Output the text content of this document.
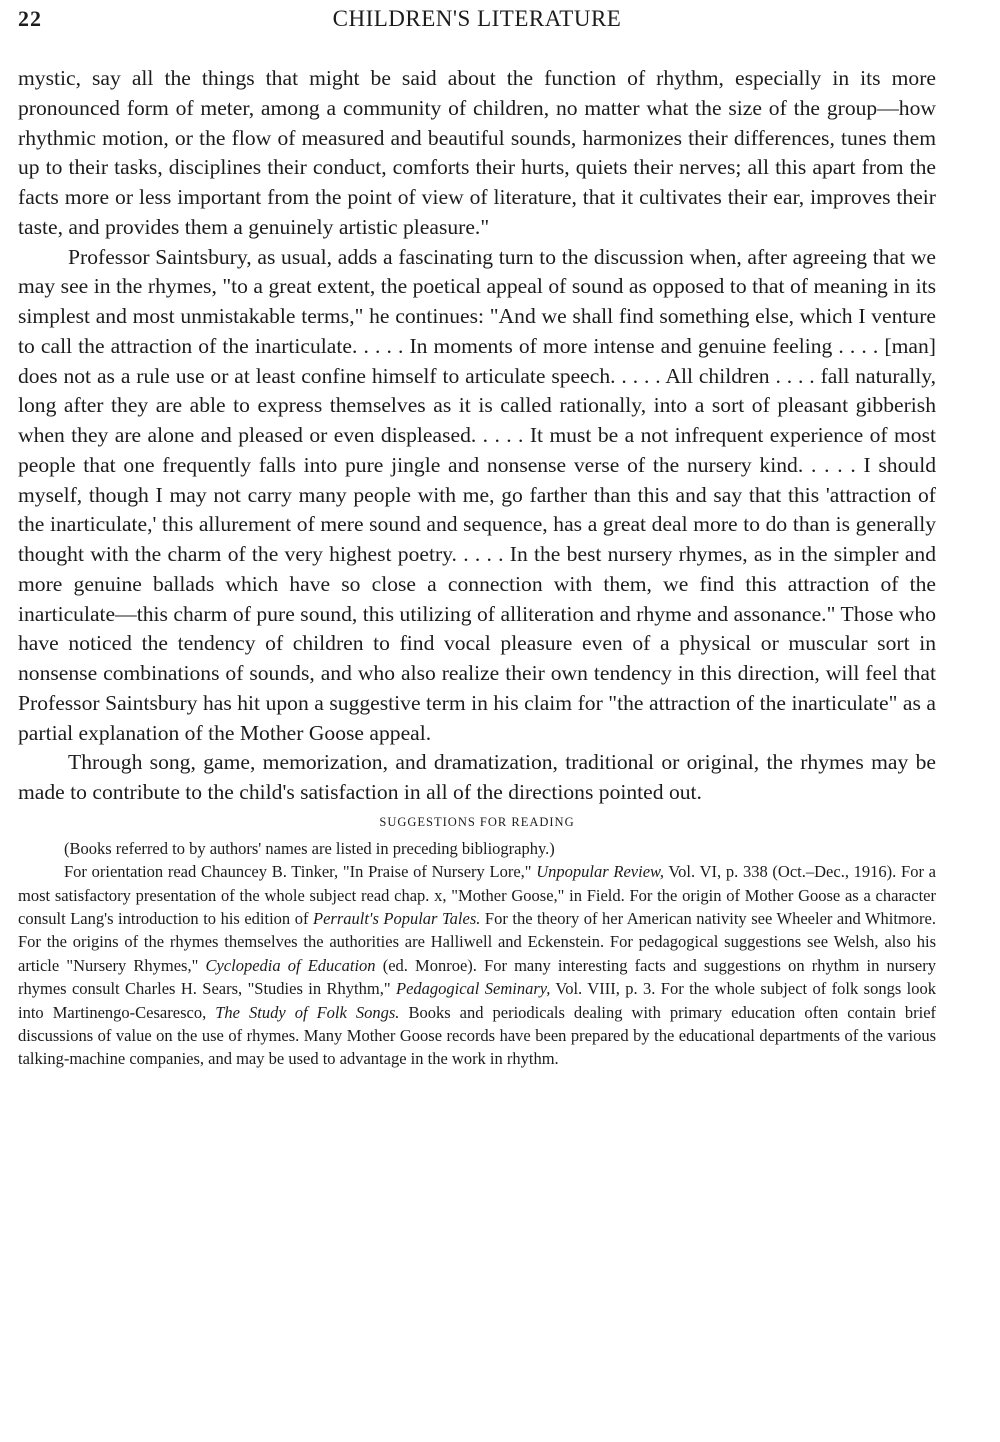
22	CHILDREN'S LITERATURE

mystic, say all the things that might be said about the function of rhythm, especially in its more pronounced form of meter, among a community of children, no matter what the size of the group—how rhythmic motion, or the flow of measured and beautiful sounds, harmonizes their differences, tunes them up to their tasks, disciplines their conduct, comforts their hurts, quiets their nerves; all this apart from the facts more or less important from the point of view of literature, that it cultivates their ear, improves their taste, and provides them a genuinely artistic pleasure."

Professor Saintsbury, as usual, adds a fascinating turn to the discussion when, after agreeing that we may see in the rhymes, "to a great extent, the poetical appeal of sound as opposed to that of meaning in its simplest and most unmistakable terms," he continues: "And we shall find something else, which I venture to call the attraction of the inarticulate. . . . . In moments of more intense and genuine feeling . . . . [man] does not as a rule use or at least confine himself to articulate speech. . . . . All children . . . . fall naturally, long after they are able to express themselves as it is called rationally, into a sort of pleasant gibberish when they are alone and pleased or even displeased. . . . . It must be a not infrequent experience of most people that one frequently falls into pure jingle and nonsense verse of the nursery kind. . . . . I should myself, though I may not carry many people with me, go farther than this and say that this 'attraction of the inarticulate,' this allurement of mere sound and sequence, has a great deal more to do than is generally thought with the charm of the very highest poetry. . . . . In the best nursery rhymes, as in the simpler and more genuine ballads which have so close a connection with them, we find this attraction of the inarticulate—this charm of pure sound, this utilizing of alliteration and rhyme and assonance." Those who have noticed the tendency of children to find vocal pleasure even of a physical or muscular sort in nonsense combinations of sounds, and who also realize their own tendency in this direction, will feel that Professor Saintsbury has hit upon a suggestive term in his claim for "the attraction of the inarticulate" as a partial explanation of the Mother Goose appeal.

Through song, game, memorization, and dramatization, traditional or original, the rhymes may be made to contribute to the child's satisfaction in all of the directions pointed out.

SUGGESTIONS FOR READING

(Books referred to by authors' names are listed in preceding bibliography.)

For orientation read Chauncey B. Tinker, "In Praise of Nursery Lore," Unpopular Review, Vol. VI, p. 338 (Oct.–Dec., 1916). For a most satisfactory presentation of the whole subject read chap. x, "Mother Goose," in Field. For the origin of Mother Goose as a character consult Lang's introduction to his edition of Perrault's Popular Tales. For the theory of her American nativity see Wheeler and Whitmore. For the origins of the rhymes themselves the authorities are Halliwell and Eckenstein. For pedagogical suggestions see Welsh, also his article "Nursery Rhymes," Cyclopedia of Education (ed. Monroe). For many interesting facts and suggestions on rhythm in nursery rhymes consult Charles H. Sears, "Studies in Rhythm," Pedagogical Seminary, Vol. VIII, p. 3. For the whole subject of folk songs look into Martinengo-Cesaresco, The Study of Folk Songs. Books and periodicals dealing with primary education often contain brief discussions of value on the use of rhymes. Many Mother Goose records have been prepared by the educational departments of the various talking-machine companies, and may be used to advantage in the work in rhythm.
